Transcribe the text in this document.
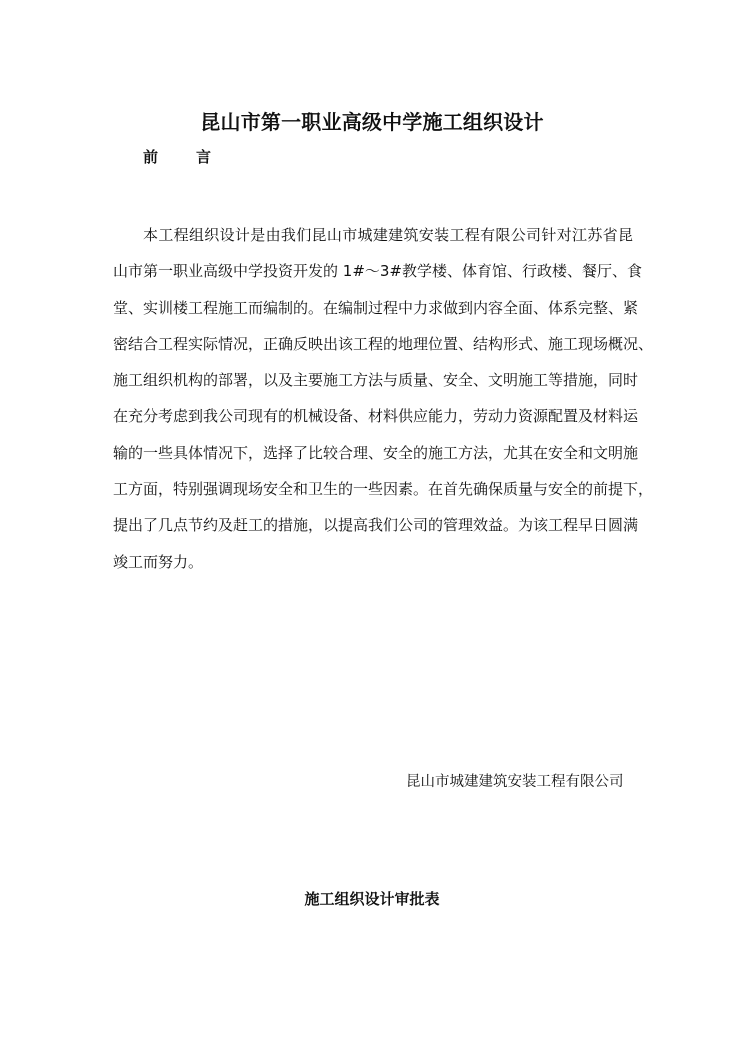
昆山市第一职业高级中学施工组织设计
前	言
本工程组织设计是由我们昆山市城建建筑安装工程有限公司针对江苏省昆
山市第一职业高级中学投资开发的 1#～3#教学楼、体育馆、行政楼、餐厅、食
堂、实训楼工程施工而编制的。在编制过程中力求做到内容全面、体系完整、紧
密结合工程实际情况，正确反映出该工程的地理位置、结构形式、施工现场概况、
施工组织机构的部署，以及主要施工方法与质量、安全、文明施工等措施，同时
在充分考虑到我公司现有的机械设备、材料供应能力，劳动力资源配置及材料运
输的一些具体情况下，选择了比较合理、安全的施工方法，尤其在安全和文明施
工方面，特别强调现场安全和卫生的一些因素。在首先确保质量与安全的前提下，
提出了几点节约及赶工的措施，以提高我们公司的管理效益。为该工程早日圆满
竣工而努力。
昆山市城建建筑安装工程有限公司
施工组织设计审批表
